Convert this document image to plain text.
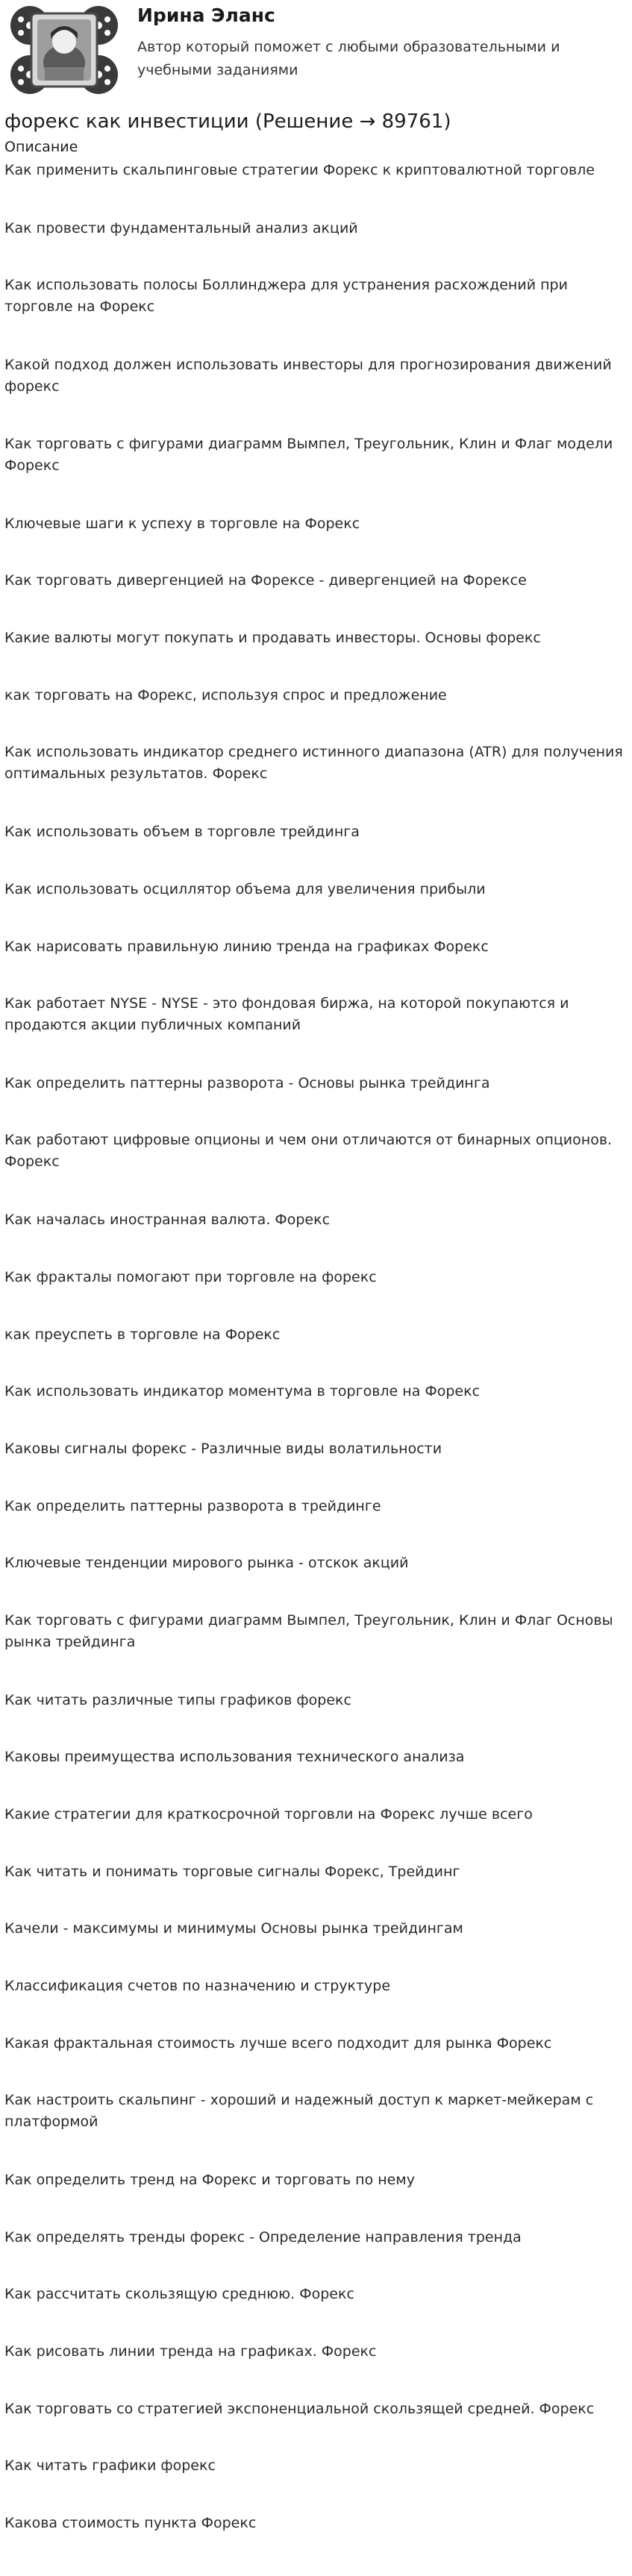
Ирина Эланс
Автор который поможет с любыми образовательными и учебными заданиями
форекс как инвестиции (Решение → 89761)
Описание
Как применить скальпинговые стратегии Форекс к криптовалютной торговле
Как провести фундаментальный анализ акций
Как использовать полосы Боллинджера для устранения расхождений при торговле на Форекс
Какой подход должен использовать инвесторы для прогнозирования движений форекс
Как торговать с фигурами диаграмм Вымпел, Треугольник, Клин и Флаг модели Форекс
Ключевые шаги к успеху в торговле на Форекс
Как торговать дивергенцией на Форексе - дивергенцией на Форексе
Какие валюты могут покупать и продавать инвесторы. Основы форекс
как торговать на Форекс, используя спрос и предложение
Как использовать индикатор среднего истинного диапазона (ATR) для получения оптимальных результатов. Форекс
Как использовать объем в торговле трейдинга
Как использовать осциллятор объема для увеличения прибыли
Как нарисовать правильную линию тренда на графиках Форекс
Как работает NYSE - NYSE - это фондовая биржа, на которой покупаются и продаются акции публичных компаний
Как определить паттерны разворота - Основы рынка трейдинга
Как работают цифровые опционы и чем они отличаются от бинарных опционов. Форекс
Как началась иностранная валюта. Форекс
Как фракталы помогают при торговле на форекс
как преуспеть в торговле на Форекс
Как использовать индикатор моментума в торговле на Форекс
Каковы сигналы форекс - Различные виды волатильности
Как определить паттерны разворота в трейдинге
Ключевые тенденции мирового рынка - отскок акций
Как торговать с фигурами диаграмм Вымпел, Треугольник, Клин и Флаг Основы рынка трейдинга
Как читать различные типы графиков форекс
Каковы преимущества использования технического анализа
Какие стратегии для краткосрочной торговли на Форекс лучше всего
Как читать и понимать торговые сигналы Форекс, Трейдинг
Качели - максимумы и минимумы Основы рынка трейдингам
Классификация счетов по назначению и структуре
Какая фрактальная стоимость лучше всего подходит для рынка Форекс
Как настроить скальпинг - хороший и надежный доступ к маркет-мейкерам с платформой
Как определить тренд на Форекс и торговать по нему
Как определять тренды форекс - Определение направления тренда
Как рассчитать скользящую среднюю. Форекс
Как рисовать линии тренда на графиках. Форекс
Как торговать со стратегией экспоненциальной скользящей средней. Форекс
Как читать графики форекс
Какова стоимость пункта Форекс
